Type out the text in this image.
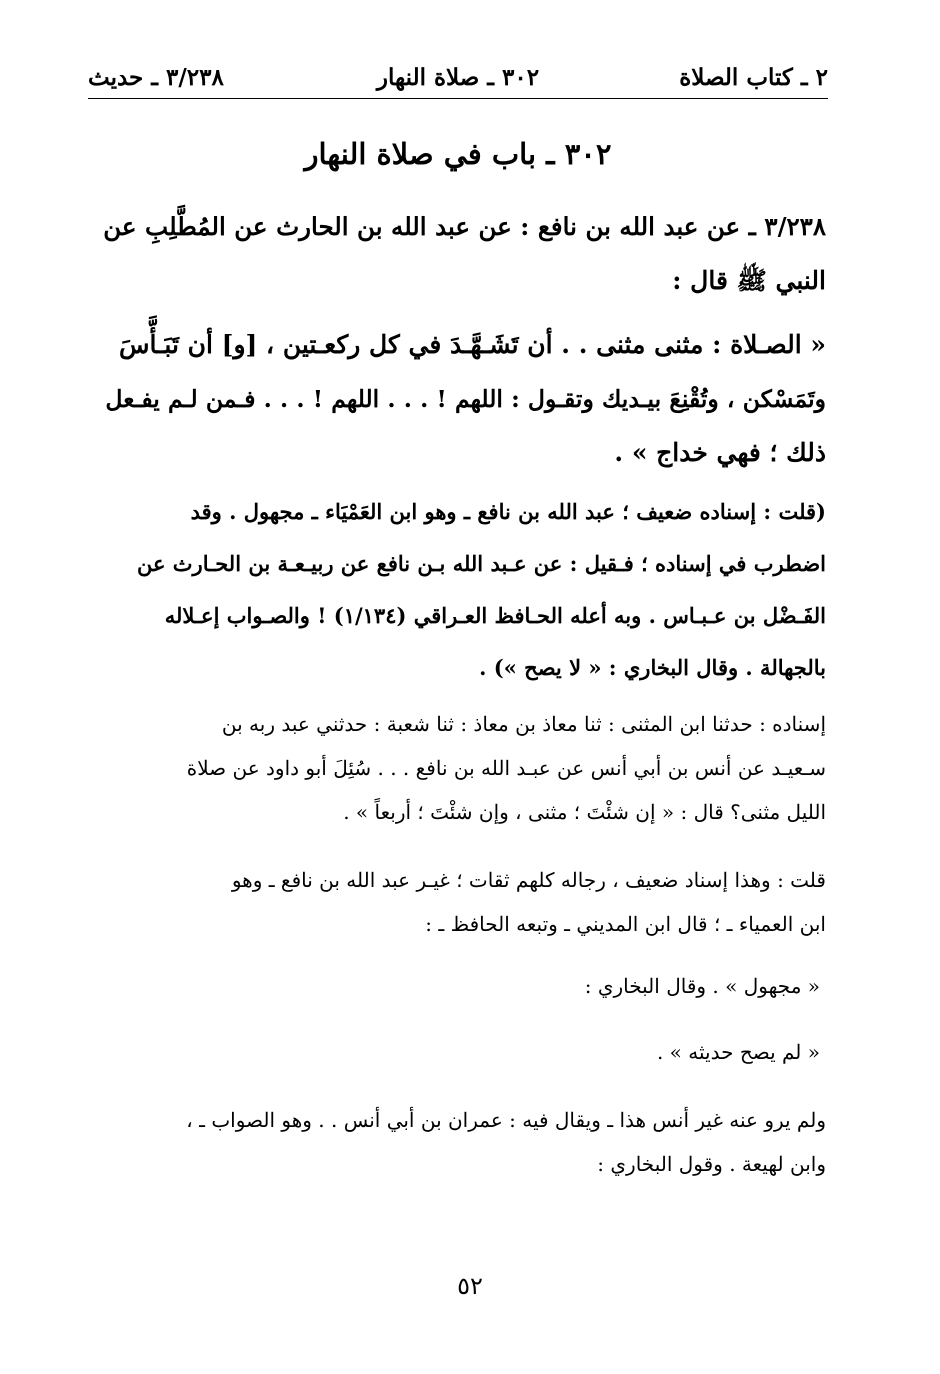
٢ ـ كتاب الصلاة
٣٠٢ ـ صلاة النهار
٣/٢٣٨ ـ حديث
٣٠٢ ـ باب في صلاة النهار
٣/٢٣٨ ـ عن عبد الله بن نافع : عن عبد الله بن الحارث عن المُطَّلِبِ عن
النبي ﷺ قال :
« الصـلاة : مثنى مثنى . . أن تَشَـهَّـدَ في كل ركعـتين ، [و] أن تَبَـأَّسَ
وتَمَسْكن ، وتُقْنِعَ بيـديك وتقـول : اللهم ! . . . اللهم ! . . . فـمن لـم يفـعل
ذلك ؛ فهي خداج » .
(قلت : إسناده ضعيف ؛ عبد الله بن نافع ـ وهو ابن العَمْيَاء ـ مجهول . وقد
اضطرب في إسناده ؛ فـقيل : عن عـبد الله بـن نافع عن ربيـعـة بن الحـارث عن
الفَـضْل بن عـبـاس . وبه أعله الحـافظ العـراقي (١/١٣٤) ! والصـواب إعـلاله
بالجهالة . وقال البخاري : « لا يصح ») .
إسناده : حدثنا ابن المثنى : ثنا معاذ بن معاذ : ثنا شعبة : حدثني عبد ربه بن
سـعيـد عن أنس بن أبي أنس عن عبـد الله بن نافع . . . سُئِلَ أبو داود عن صلاة
الليل مثنى؟ قال : « إن شئْتَ ؛ مثنى ، وإن شئْتَ ؛ أربعاً » .
قلت : وهذا إسناد ضعيف ، رجاله كلهم ثقات ؛ غيـر عبد الله بن نافع ـ وهو
ابن العمياء ـ ؛ قال ابن المديني ـ وتبعه الحافظ ـ :
« مجهول » . وقال البخاري :
« لم يصح حديثه » .
ولم يرو عنه غير أنس هذا ـ ويقال فيه : عمران بن أبي أنس . . وهو الصواب ـ ،
وابن لهيعة . وقول البخاري :
٥٢
